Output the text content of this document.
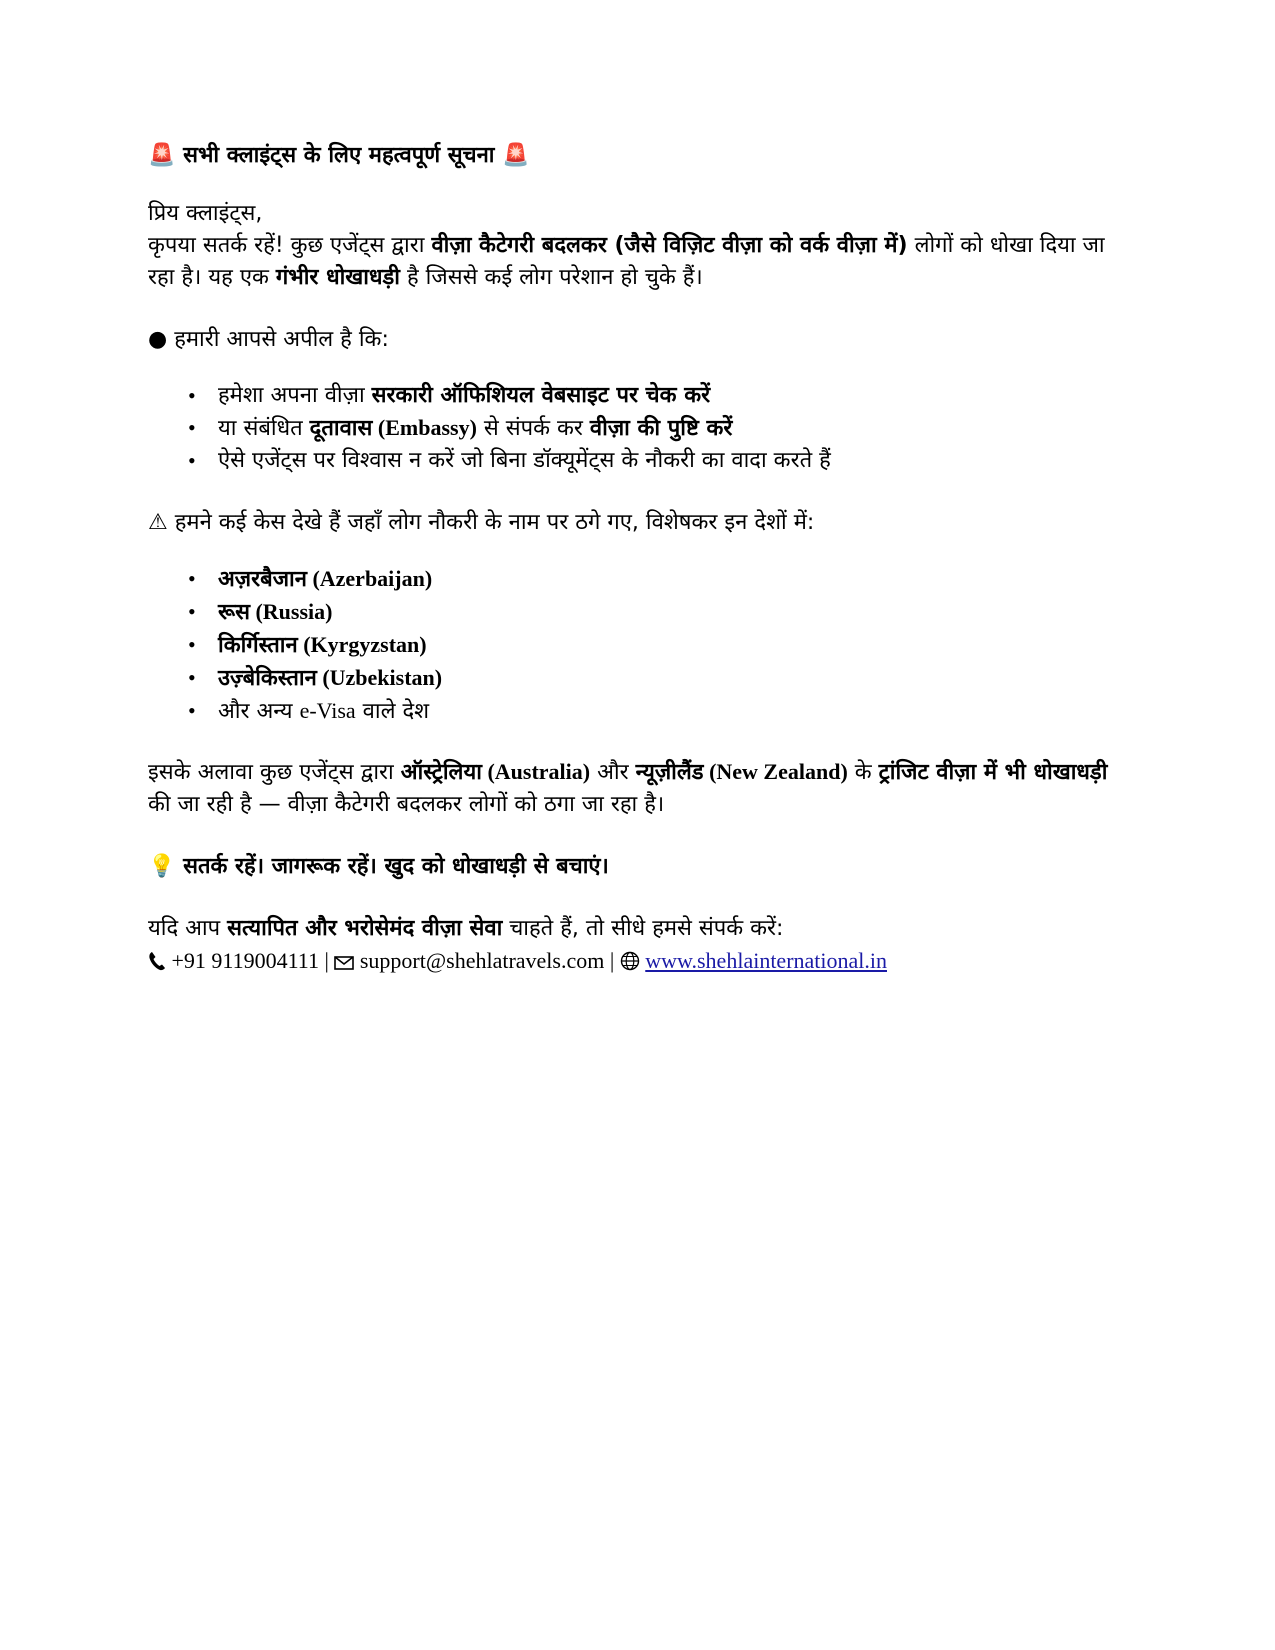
🚨 सभी क्लाइंट्स के लिए महत्वपूर्ण सूचना 🚨

प्रिय क्लाइंट्स,

कृपया सतर्क रहें! कुछ एजेंट्स द्वारा वीज़ा कैटेगरी बदलकर (जैसे विज़िट वीज़ा को वर्क वीज़ा में) लोगों को धोखा दिया जा रहा है। यह एक गंभीर धोखाधड़ी है जिससे कई लोग परेशान हो चुके हैं।

● हमारी आपसे अपील है कि:

• हमेशा अपना वीज़ा सरकारी ऑफिशियल वेबसाइट पर चेक करें
• या संबंधित दूतावास (Embassy) से संपर्क कर वीज़ा की पुष्टि करें
• ऐसे एजेंट्स पर विश्वास न करें जो बिना डॉक्यूमेंट्स के नौकरी का वादा करते हैं

⚠ हमने कई केस देखे हैं जहाँ लोग नौकरी के नाम पर ठगे गए, विशेषकर इन देशों में:

• अज़रबैजान (Azerbaijan)
• रूस (Russia)
• किर्गिस्तान (Kyrgyzstan)
• उज़्बेकिस्तान (Uzbekistan)
• और अन्य e-Visa वाले देश

इसके अलावा कुछ एजेंट्स द्वारा ऑस्ट्रेलिया (Australia) और न्यूज़ीलैंड (New Zealand) के ट्रांजिट वीज़ा में भी धोखाधड़ी की जा रही है — वीज़ा कैटेगरी बदलकर लोगों को ठगा जा रहा है।

💡 सतर्क रहें। जागरूक रहें। खुद को धोखाधड़ी से बचाएं।

यदि आप सत्यापित और भरोसेमंद वीज़ा सेवा चाहते हैं, तो सीधे हमसे संपर्क करें:

+91 9119004111 |  support@shehlatravels.com |  www.shehlainternational.in
